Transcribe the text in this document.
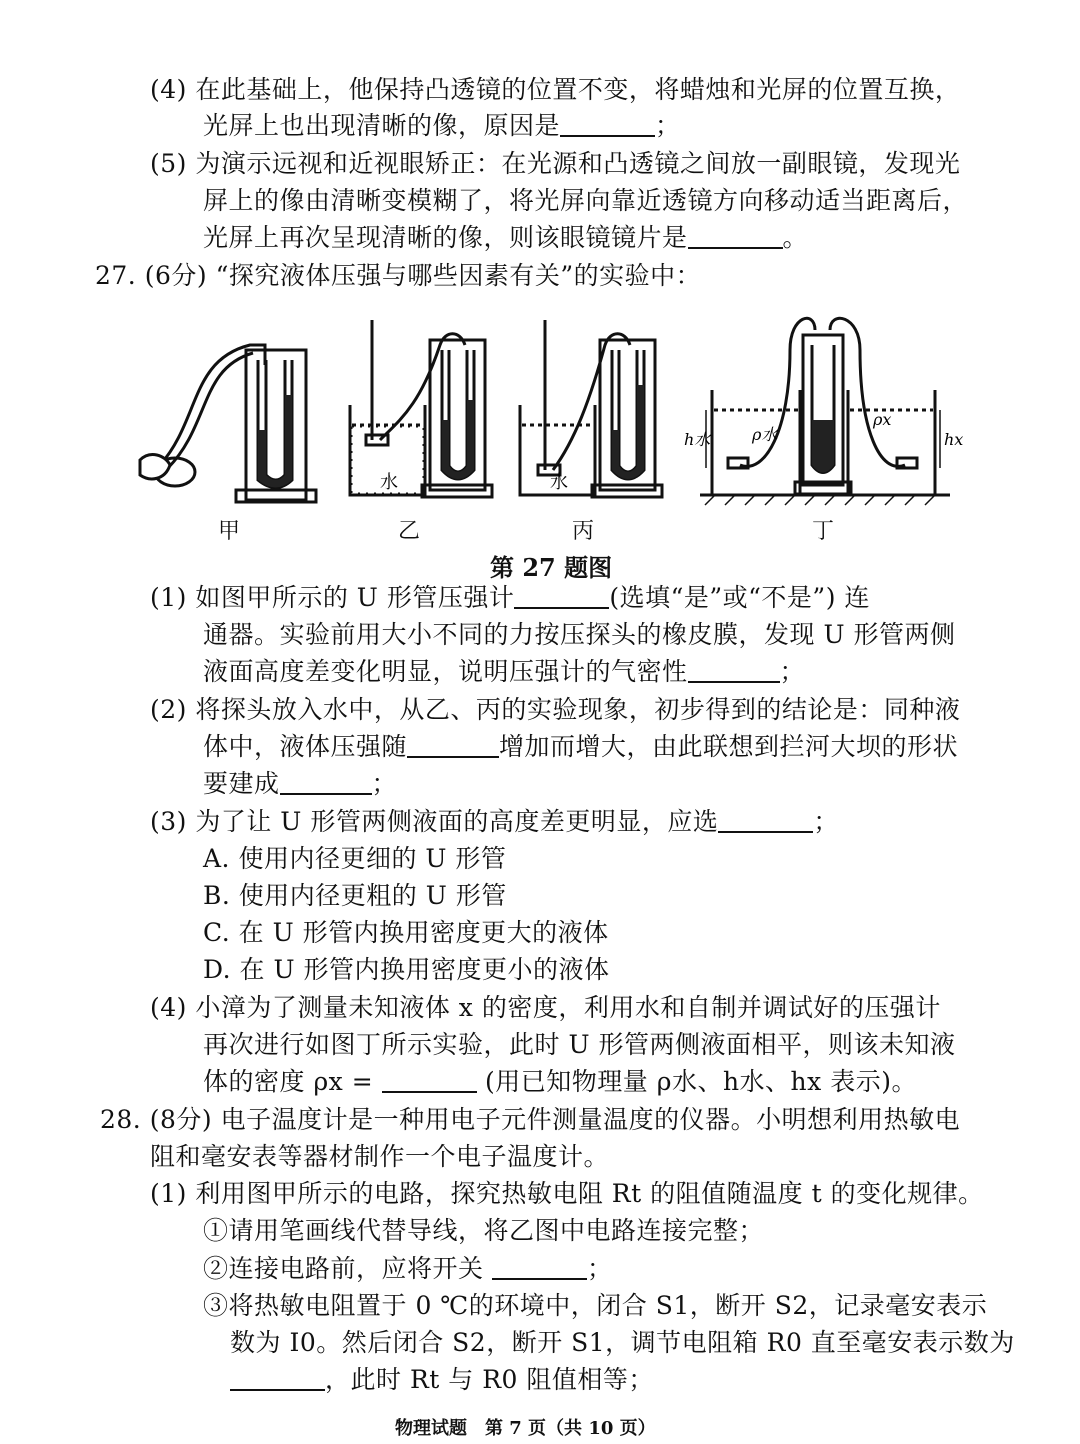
(4) 在此基础上，他保持凸透镜的位置不变，将蜡烛和光屏的位置互换，
光屏上也出现清晰的像，原因是	；
(5) 为演示远视和近视眼矫正：在光源和凸透镜之间放一副眼镜，发现光
屏上的像由清晰变模糊了，将光屏向靠近透镜方向移动适当距离后，
光屏上再次呈现清晰的像，则该眼镜镜片是	。
27. (6分) “探究液体压强与哪些因素有关”的实验中：
水	水
h水	ρ水
ρx
hx
甲	乙	丙	丁
第 27 题图
(1) 如图甲所示的 U 形管压强计	(选填“是”或“不是”) 连
通器。实验前用大小不同的力按压探头的橡皮膜，发现 U 形管两侧
液面高度差变化明显，说明压强计的气密性	；
(2) 将探头放入水中，从乙、丙的实验现象，初步得到的结论是：同种液
体中，液体压强随	增加而增大，由此联想到拦河大坝的形状
要建成	；
(3) 为了让 U 形管两侧液面的高度差更明显，应选	；
A. 使用内径更细的 U 形管
B. 使用内径更粗的 U 形管
C. 在 U 形管内换用密度更大的液体
D. 在 U 形管内换用密度更小的液体
(4) 小漳为了测量未知液体 x 的密度，利用水和自制并调试好的压强计
再次进行如图丁所示实验，此时 U 形管两侧液面相平，则该未知液
体的密度 ρx =	(用已知物理量 ρ水、h水、hx 表示)。
28. (8分) 电子温度计是一种用电子元件测量温度的仪器。小明想利用热敏电
阻和毫安表等器材制作一个电子温度计。
(1) 利用图甲所示的电路，探究热敏电阻 Rt 的阻值随温度 t 的变化规律。
①请用笔画线代替导线，将乙图中电路连接完整；
②连接电路前，应将开关	；
③将热敏电阻置于 0 ℃的环境中，闭合 S1，断开 S2，记录毫安表示
数为 I0。然后闭合 S2，断开 S1，调节电阻箱 R0 直至毫安表示数为
，此时 Rt 与 R0 阻值相等；
物理试题　第 7 页（共 10 页）
